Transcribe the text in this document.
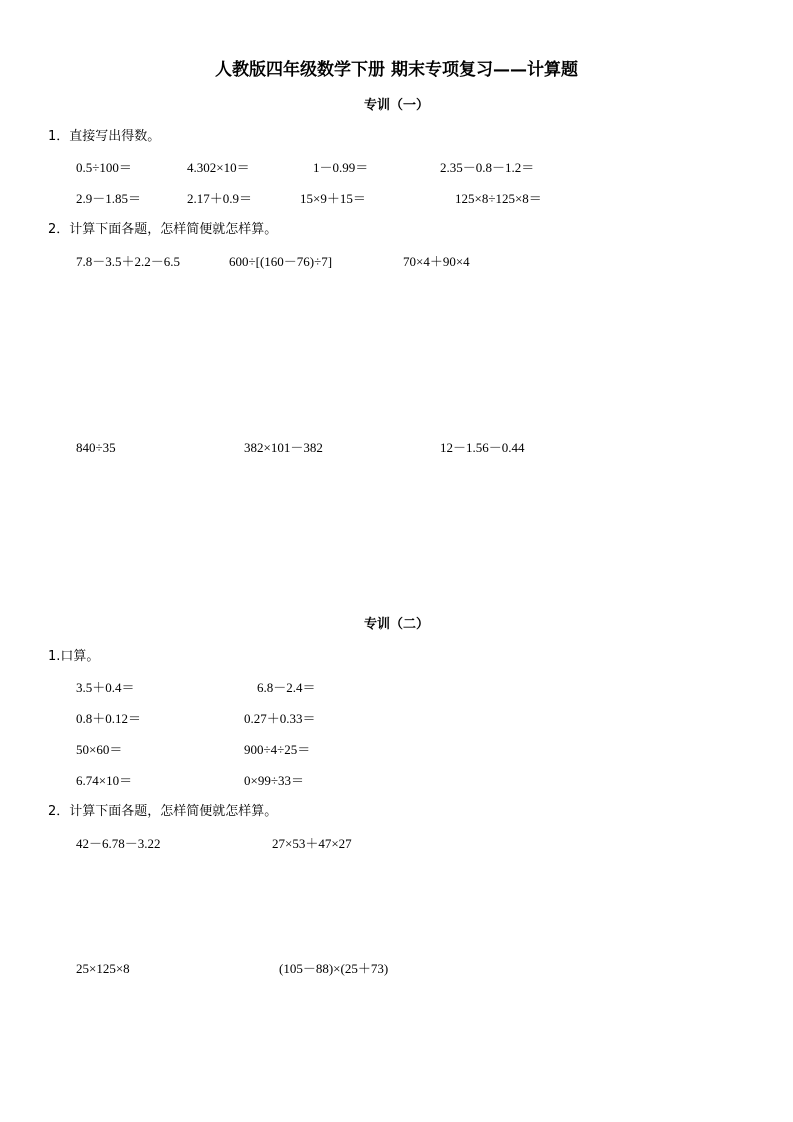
人教版四年级数学下册 期末专项复习——计算题
专训（一）
1．直接写出得数。
0.5÷100＝	4.302×10＝	1－0.99＝	2.35－0.8－1.2＝
2.9－1.85＝	2.17＋0.9＝	15×9＋15＝	125×8÷125×8＝
2．计算下面各题，怎样简便就怎样算。
7.8－3.5＋2.2－6.5	600÷[(160－76)÷7]	70×4＋90×4
840÷35	382×101－382	12－1.56－0.44
专训（二）
1.口算。
3.5＋0.4＝	6.8－2.4＝
0.8＋0.12＝	0.27＋0.33＝
50×60＝	900÷4÷25＝
6.74×10＝	0×99÷33＝
2．计算下面各题，怎样简便就怎样算。
42－6.78－3.22	27×53＋47×27
25×125×8	(105－88)×(25＋73)
